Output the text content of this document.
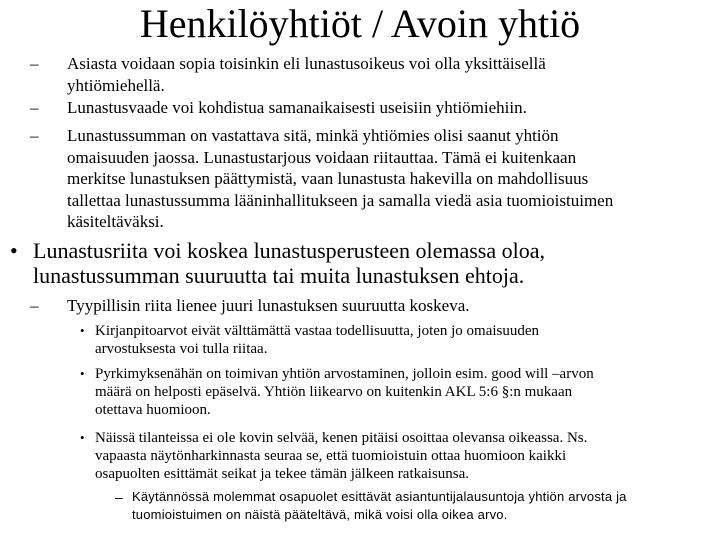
Henkilöyhtiöt / Avoin yhtiö
– Asiasta voidaan sopia toisinkin eli lunastusoikeus voi olla yksittäisellä
yhtiömiehellä.
– Lunastusvaade voi kohdistua samanaikaisesti useisiin yhtiömiehiin.
– Lunastussumman on vastattava sitä, minkä yhtiömies olisi saanut yhtiön
omaisuuden jaossa. Lunastustarjous voidaan riitauttaa. Tämä ei kuitenkaan
merkitse lunastuksen päättymistä, vaan lunastusta hakevilla on mahdollisuus
tallettaa lunastussumma lääninhallitukseen ja samalla viedä asia tuomioistuimen
käsiteltäväksi.
• Lunastusriita voi koskea lunastusperusteen olemassa oloa,
lunastussumman suuruutta tai muita lunastuksen ehtoja.
– Tyypillisin riita lienee juuri lunastuksen suuruutta koskeva.
• Kirjanpitoarvot eivät välttämättä vastaa todellisuutta, joten jo omaisuuden
arvostuksesta voi tulla riitaa.
• Pyrkimyksenähän on toimivan yhtiön arvostaminen, jolloin esim. good will –arvon
määrä on helposti epäselvä. Yhtiön liikearvo on kuitenkin AKL 5:6 §:n mukaan
otettava huomioon.
• Näissä tilanteissa ei ole kovin selvää, kenen pitäisi osoittaa olevansa oikeassa. Ns.
vapaasta näytönharkinnasta seuraa se, että tuomioistuin ottaa huomioon kaikki
osapuolten esittämät seikat ja tekee tämän jälkeen ratkaisunsa.
– Käytännössä molemmat osapuolet esittävät asiantuntijalausuntoja yhtiön arvosta ja
tuomioistuimen on näistä pääteltävä, mikä voisi olla oikea arvo.
